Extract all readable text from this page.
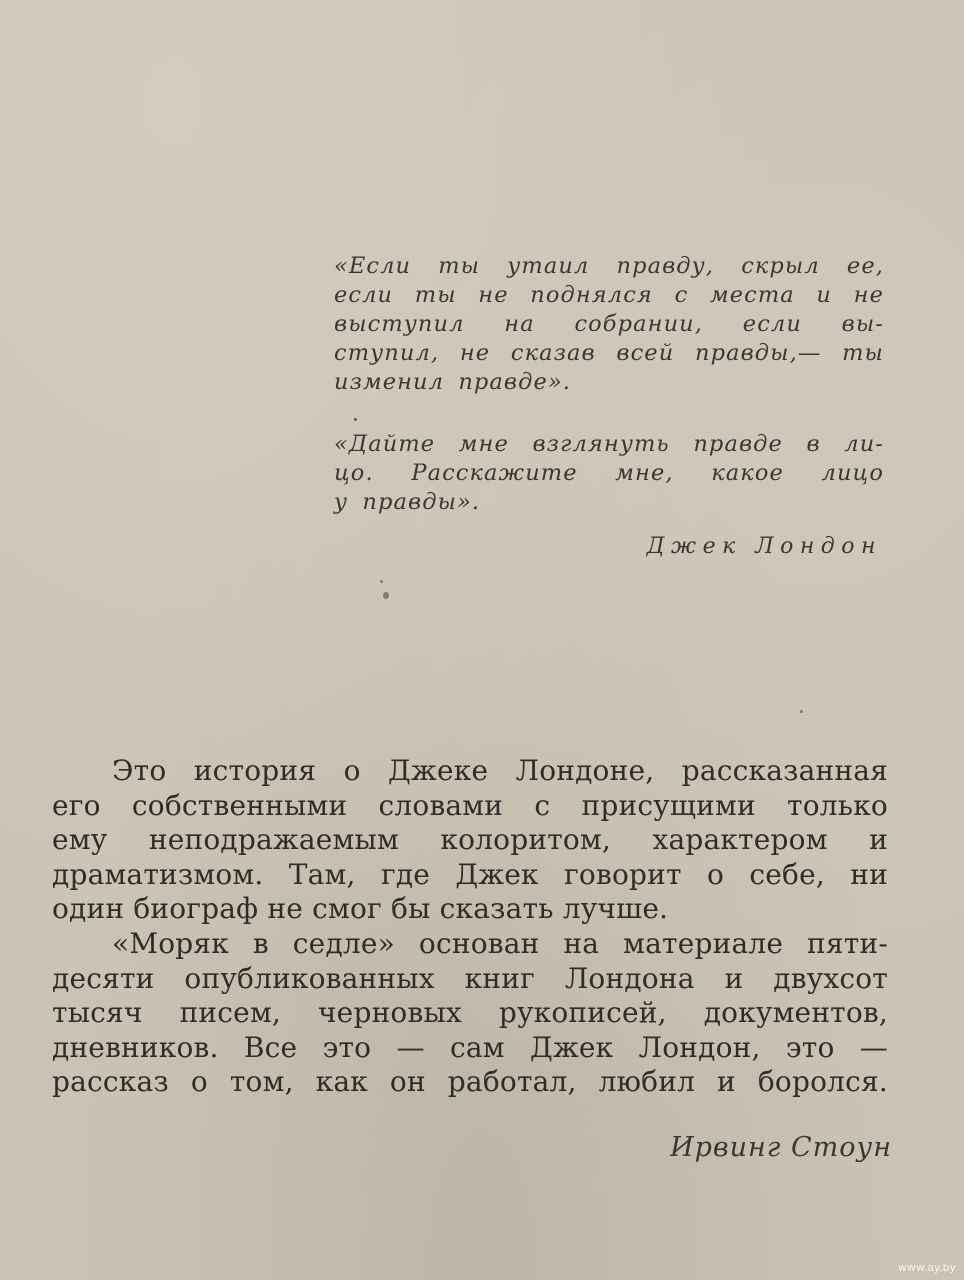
«Если ты утаил правду, скрыл ее,
если ты не поднялся с места и не
выступил на собрании, если вы-
ступил, не сказав всей правды,— ты
изменил правде».
«Дайте мне взглянуть правде в ли-
цо. Расскажите мне, какое лицо
у правды».
Джек Лондон
Это история о Джеке Лондоне, рассказанная
его собственными словами с присущими только
ему неподражаемым колоритом, характером и
драматизмом. Там, где Джек говорит о себе, ни
один биограф не смог бы сказать лучше.
«Моряк в седле» основан на материале пяти-
десяти опубликованных книг Лондона и двухсот
тысяч писем, черновых рукописей, документов,
дневников. Все это — сам Джек Лондон, это —
рассказ о том, как он работал, любил и боролся.
Ирвинг Стоун
www.ay.by
